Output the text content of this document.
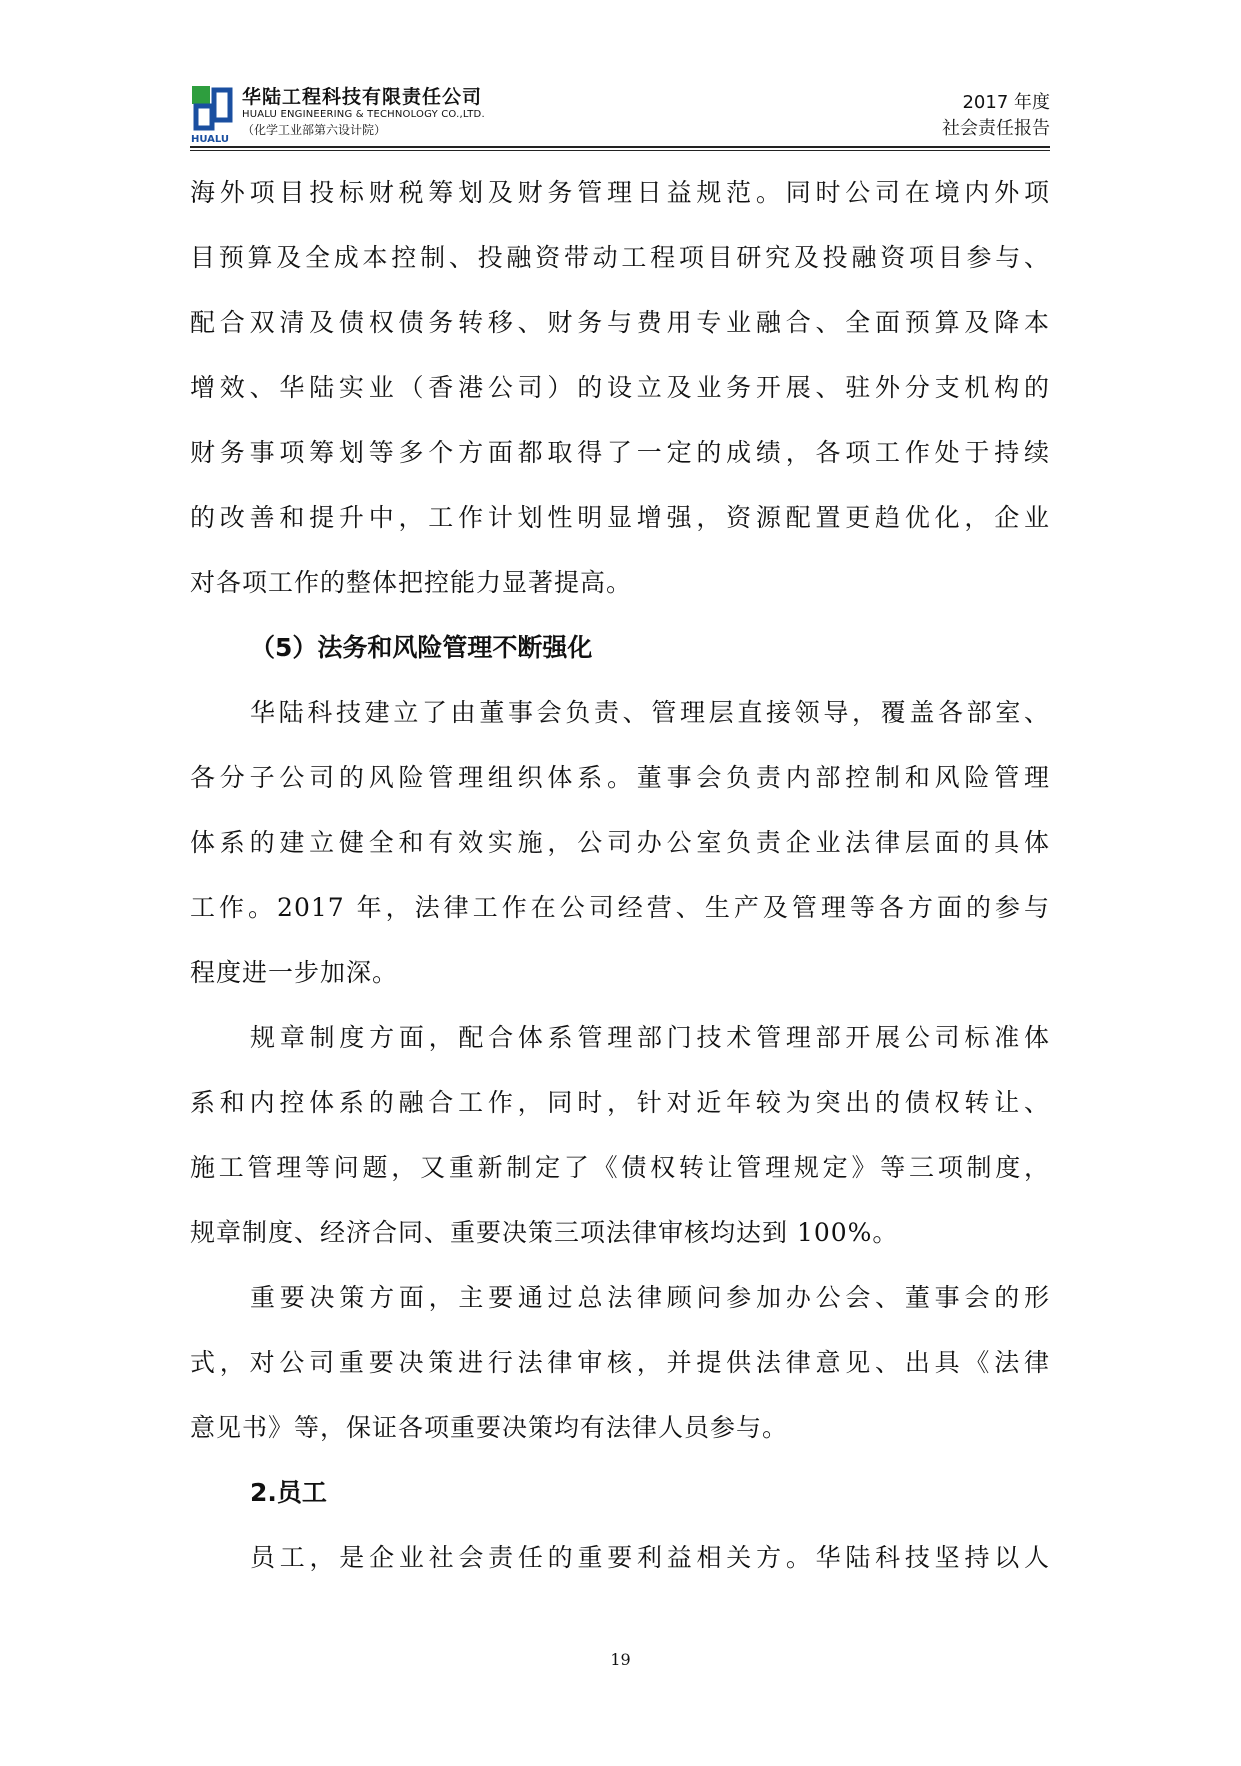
HUALU
华陆工程科技有限责任公司
HUALU ENGINEERING & TECHNOLOGY CO.,LTD.
（化学工业部第六设计院）
2017 年度
社会责任报告
海外项目投标财税筹划及财务管理日益规范。同时公司在境内外项
目预算及全成本控制、投融资带动工程项目研究及投融资项目参与、
配合双清及债权债务转移、财务与费用专业融合、全面预算及降本
增效、华陆实业（香港公司）的设立及业务开展、驻外分支机构的
财务事项筹划等多个方面都取得了一定的成绩，各项工作处于持续
的改善和提升中，工作计划性明显增强，资源配置更趋优化，企业
对各项工作的整体把控能力显著提高。
（5）法务和风险管理不断强化
华陆科技建立了由董事会负责、管理层直接领导，覆盖各部室、
各分子公司的风险管理组织体系。董事会负责内部控制和风险管理
体系的建立健全和有效实施，公司办公室负责企业法律层面的具体
工作。2017 年，法律工作在公司经营、生产及管理等各方面的参与
程度进一步加深。
规章制度方面，配合体系管理部门技术管理部开展公司标准体
系和内控体系的融合工作，同时，针对近年较为突出的债权转让、
施工管理等问题，又重新制定了《债权转让管理规定》等三项制度，
规章制度、经济合同、重要决策三项法律审核均达到 100%。
重要决策方面，主要通过总法律顾问参加办公会、董事会的形
式，对公司重要决策进行法律审核，并提供法律意见、出具《法律
意见书》等，保证各项重要决策均有法律人员参与。
2.员工
员工，是企业社会责任的重要利益相关方。华陆科技坚持以人
19
